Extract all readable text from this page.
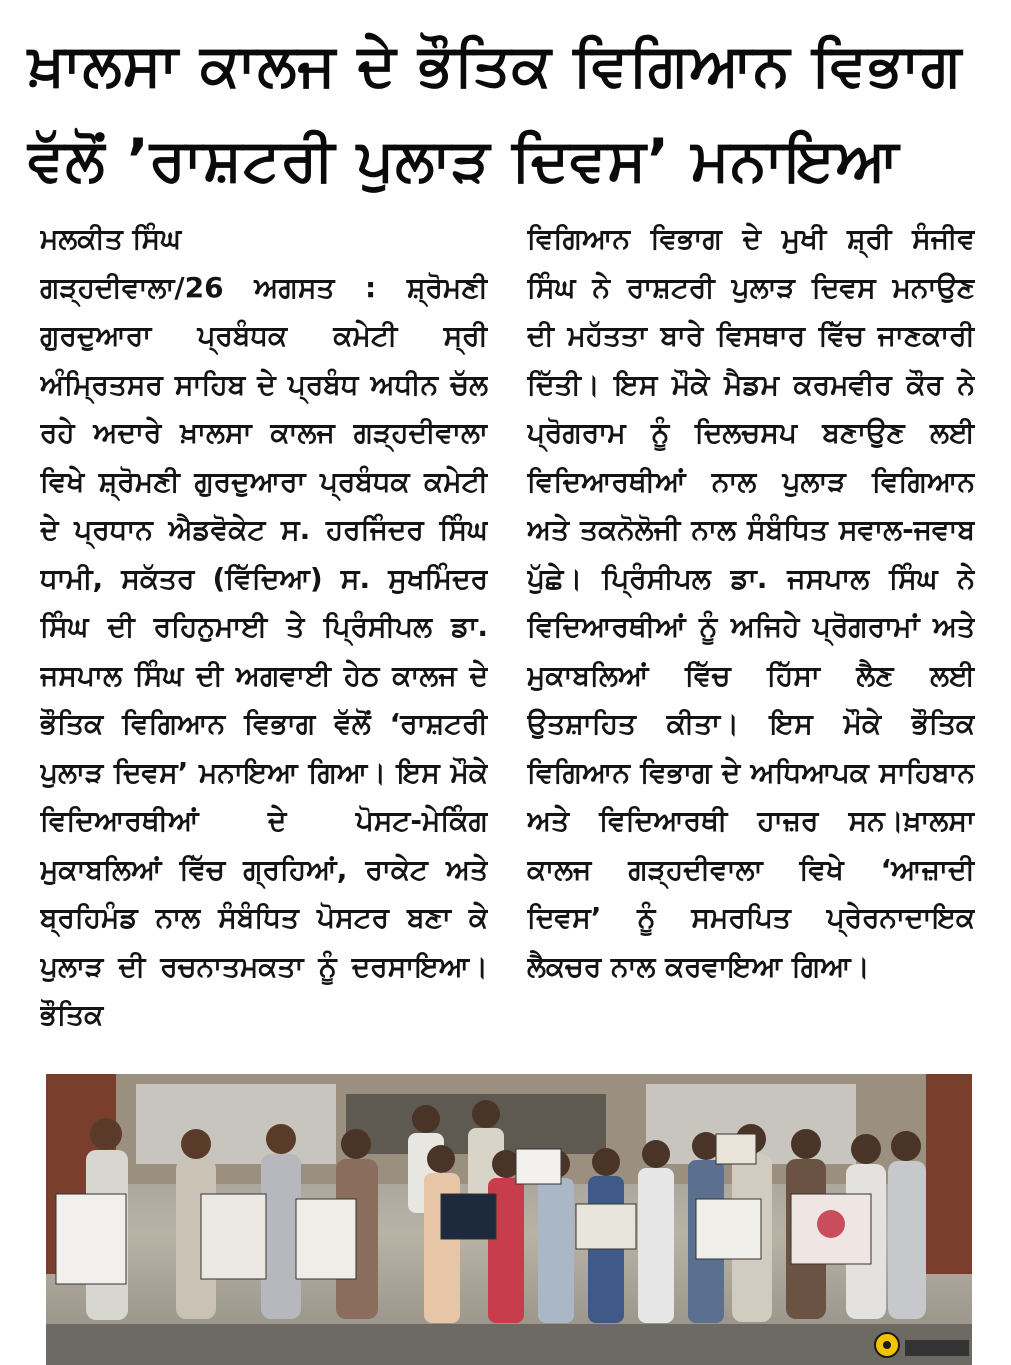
ਖ਼ਾਲਸਾ ਕਾਲਜ ਦੇ ਭੌਤਿਕ ਵਿਗਿਆਨ ਵਿਭਾਗ
ਵੱਲੋਂ ’ਰਾਸ਼ਟਰੀ ਪੁਲਾੜ ਦਿਵਸ’ ਮਨਾਇਆ

ਮਲਕੀਤ ਸਿੰਘ

ਗੜ੍ਹਦੀਵਾਲਾ/26 ਅਗਸਤ : ਸ਼੍ਰੋਮਣੀ ਗੁਰਦੁਆਰਾ ਪ੍ਰਬੰਧਕ ਕਮੇਟੀ ਸ੍ਰੀ ਅੰਮ੍ਰਿਤਸਰ ਸਾਹਿਬ ਦੇ ਪ੍ਰਬੰਧ ਅਧੀਨ ਚੱਲ ਰਹੇ ਅਦਾਰੇ ਖ਼ਾਲਸਾ ਕਾਲਜ ਗੜ੍ਹਦੀਵਾਲਾ ਵਿਖੇ ਸ਼੍ਰੋਮਣੀ ਗੁਰਦੁਆਰਾ ਪ੍ਰਬੰਧਕ ਕਮੇਟੀ ਦੇ ਪ੍ਰਧਾਨ ਐਡਵੋਕੇਟ ਸ. ਹਰਜਿੰਦਰ ਸਿੰਘ ਧਾਮੀ, ਸਕੱਤਰ (ਵਿੱਦਿਆ) ਸ. ਸੁਖਮਿੰਦਰ ਸਿੰਘ ਦੀ ਰਹਿਨੁਮਾਈ ਤੇ ਪ੍ਰਿੰਸੀਪਲ ਡਾ. ਜਸਪਾਲ ਸਿੰਘ ਦੀ ਅਗਵਾਈ ਹੇਠ ਕਾਲਜ ਦੇ ਭੌਤਿਕ ਵਿਗਿਆਨ ਵਿਭਾਗ ਵੱਲੋਂ ‘ਰਾਸ਼ਟਰੀ ਪੁਲਾੜ ਦਿਵਸ’ ਮਨਾਇਆ ਗਿਆ। ਇਸ ਮੌਕੇ ਵਿਦਿਆਰਥੀਆਂ ਦੇ ਪੋਸਟ-ਮੇਕਿੰਗ ਮੁਕਾਬਲਿਆਂ ਵਿੱਚ ਗ੍ਰਹਿਆਂ, ਰਾਕੇਟ ਅਤੇ ਬ੍ਰਹਿਮੰਡ ਨਾਲ ਸੰਬੰਧਿਤ ਪੋਸਟਰ ਬਣਾ ਕੇ ਪੁਲਾੜ ਦੀ ਰਚਨਾਤਮਕਤਾ ਨੂੰ ਦਰਸਾਇਆ। ਭੌਤਿਕ

ਵਿਗਿਆਨ ਵਿਭਾਗ ਦੇ ਮੁਖੀ ਸ਼੍ਰੀ ਸੰਜੀਵ ਸਿੰਘ ਨੇ ਰਾਸ਼ਟਰੀ ਪੁਲਾੜ ਦਿਵਸ ਮਨਾਉਣ ਦੀ ਮਹੱਤਤਾ ਬਾਰੇ ਵਿਸਥਾਰ ਵਿੱਚ ਜਾਣਕਾਰੀ ਦਿੱਤੀ। ਇਸ ਮੌਕੇ ਮੈਡਮ ਕਰਮਵੀਰ ਕੌਰ ਨੇ ਪ੍ਰੋਗਰਾਮ ਨੂੰ ਦਿਲਚਸਪ ਬਣਾਉਣ ਲਈ ਵਿਦਿਆਰਥੀਆਂ ਨਾਲ ਪੁਲਾੜ ਵਿਗਿਆਨ ਅਤੇ ਤਕਨੋਲੋਜੀ ਨਾਲ ਸੰਬੰਧਿਤ ਸਵਾਲ-ਜਵਾਬ ਪੁੱਛੇ। ਪ੍ਰਿੰਸੀਪਲ ਡਾ. ਜਸਪਾਲ ਸਿੰਘ ਨੇ ਵਿਦਿਆਰਥੀਆਂ ਨੂੰ ਅਜਿਹੇ ਪ੍ਰੋਗਰਾਮਾਂ ਅਤੇ ਮੁਕਾਬਲਿਆਂ ਵਿੱਚ ਹਿੱਸਾ ਲੈਣ ਲਈ ਉਤਸ਼ਾਹਿਤ ਕੀਤਾ। ਇਸ ਮੌਕੇ ਭੌਤਿਕ ਵਿਗਿਆਨ ਵਿਭਾਗ ਦੇ ਅਧਿਆਪਕ ਸਾਹਿਬਾਨ ਅਤੇ ਵਿਦਿਆਰਥੀ ਹਾਜ਼ਰ ਸਨ।ਖ਼ਾਲਸਾ ਕਾਲਜ ਗੜ੍ਹਦੀਵਾਲਾ ਵਿਖੇ ‘ਆਜ਼ਾਦੀ ਦਿਵਸ’ ਨੂੰ ਸਮਰਪਿਤ ਪ੍ਰੇਰਨਾਦਾਇਕ ਲੈਕਚਰ ਨਾਲ ਕਰਵਾਇਆ ਗਿਆ।
